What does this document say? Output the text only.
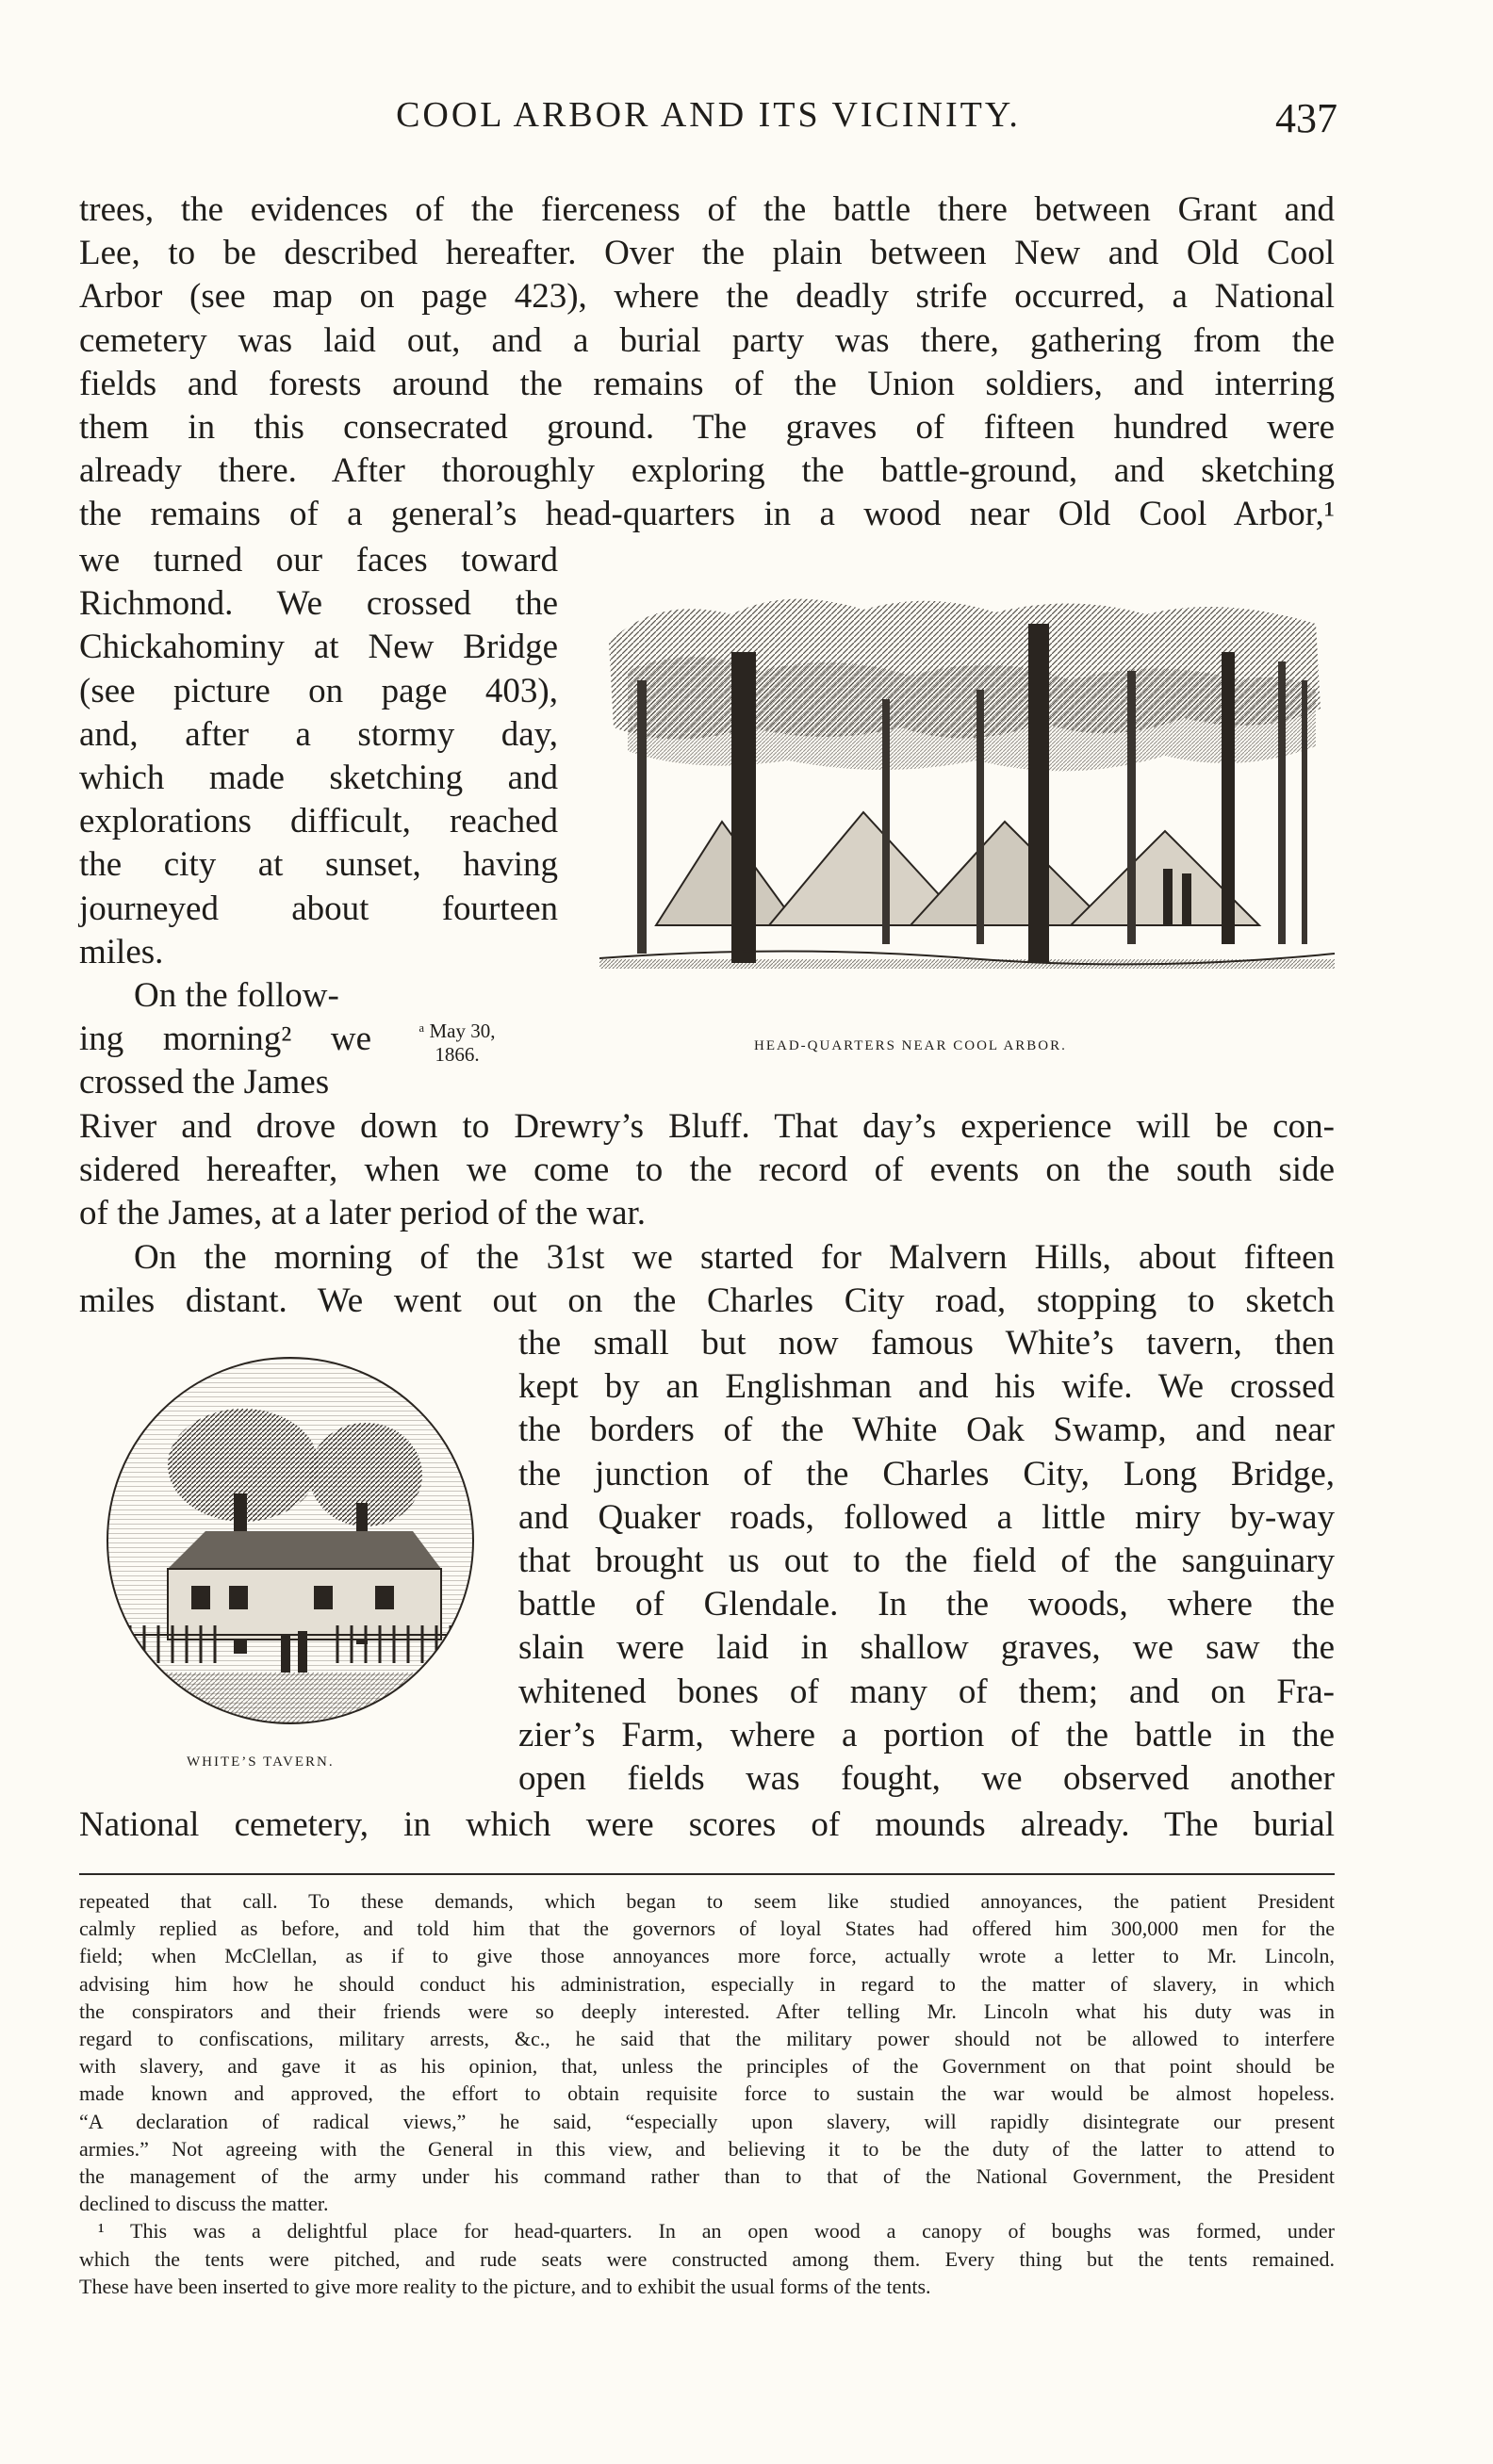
COOL ARBOR AND ITS VICINITY.	437
trees, the evidences of the fierceness of the battle there between Grant and
Lee, to be described hereafter. Over the plain between New and Old Cool
Arbor (see map on page 423), where the deadly strife occurred, a National
cemetery was laid out, and a burial party was there, gathering from the
fields and forests around the remains of the Union soldiers, and interring
them in this consecrated ground. The graves of fifteen hundred were
already there. After thoroughly exploring the battle-ground, and sketching
the remains of a general’s head-quarters in a wood near Old Cool Arbor,¹
we turned our faces toward
Richmond. We crossed the
Chickahominy at New Bridge
(see picture on page 403),
and, after a stormy day,
which made sketching and
explorations difficult, reached
the city at sunset, having
journeyed about fourteen
miles.
On the follow-
ing morning² we
crossed the James
ᵃ May 30,
1866.	HEAD-QUARTERS NEAR COOL ARBOR.
River and drove down to Drewry’s Bluff. That day’s experience will be con-
sidered hereafter, when we come to the record of events on the south side
of the James, at a later period of the war.
On the morning of the 31st we started for Malvern Hills, about fifteen
miles distant. We went out on the Charles City road, stopping to sketch
WHITE’S TAVERN.
the small but now famous White’s tavern, then
kept by an Englishman and his wife. We crossed
the borders of the White Oak Swamp, and near
the junction of the Charles City, Long Bridge,
and Quaker roads, followed a little miry by-way
that brought us out to the field of the sanguinary
battle of Glendale. In the woods, where the
slain were laid in shallow graves, we saw the
whitened bones of many of them; and on Fra-
zier’s Farm, where a portion of the battle in the
open fields was fought, we observed another
National cemetery, in which were scores of mounds already. The burial
repeated that call. To these demands, which began to seem like studied annoyances, the patient President
calmly replied as before, and told him that the governors of loyal States had offered him 300,000 men for the
field; when McClellan, as if to give those annoyances more force, actually wrote a letter to Mr. Lincoln,
advising him how he should conduct his administration, especially in regard to the matter of slavery, in which
the conspirators and their friends were so deeply interested. After telling Mr. Lincoln what his duty was in
regard to confiscations, military arrests, &c., he said that the military power should not be allowed to interfere
with slavery, and gave it as his opinion, that, unless the principles of the Government on that point should be
made known and approved, the effort to obtain requisite force to sustain the war would be almost hopeless.
“A declaration of radical views,” he said, “especially upon slavery, will rapidly disintegrate our present
armies.” Not agreeing with the General in this view, and believing it to be the duty of the latter to attend to
the management of the army under his command rather than to that of the National Government, the President
declined to discuss the matter.
¹ This was a delightful place for head-quarters. In an open wood a canopy of boughs was formed, under
which the tents were pitched, and rude seats were constructed among them. Every thing but the tents remained.
These have been inserted to give more reality to the picture, and to exhibit the usual forms of the tents.
